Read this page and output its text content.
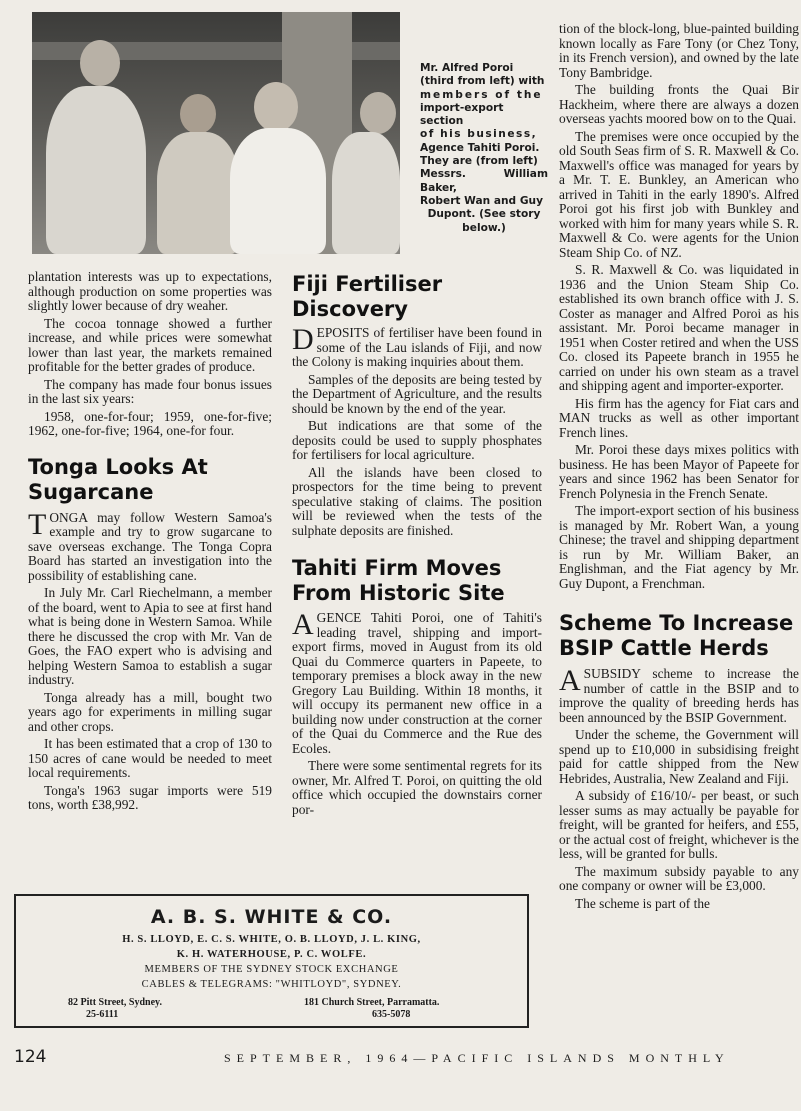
Mr. Alfred Poroi
(third from left) with
members of the
import-export section
of his business,
Agence Tahiti Poroi.
They are (from left)
Messrs. William Baker,
Robert Wan and Guy
Dupont. (See story
below.)

plantation interests was up to expectations, although production on some properties was slightly lower because of dry weaher.

The cocoa tonnage showed a further increase, and while prices were somewhat lower than last year, the markets remained profitable for the better grades of produce.

The company has made four bonus issues in the last six years:

1958, one-for-four; 1959, one-for-five; 1962, one-for-five; 1964, one-for four.

Tonga Looks At Sugarcane

TONGA may follow Western Samoa's example and try to grow sugarcane to save overseas exchange. The Tonga Copra Board has started an investigation into the possibility of establishing cane.

In July Mr. Carl Riechelmann, a member of the board, went to Apia to see at first hand what is being done in Western Samoa. While there he discussed the crop with Mr. Van de Goes, the FAO expert who is advising and helping Western Samoa to establish a sugar industry.

Tonga already has a mill, bought two years ago for experiments in milling sugar and other crops.

It has been estimated that a crop of 130 to 150 acres of cane would be needed to meet local requirements.

Tonga's 1963 sugar imports were 519 tons, worth £38,992.

Fiji Fertiliser Discovery

DEPOSITS of fertiliser have been found in some of the Lau islands of Fiji, and now the Colony is making inquiries about them.

Samples of the deposits are being tested by the Department of Agriculture, and the results should be known by the end of the year.

But indications are that some of the deposits could be used to supply phosphates for fertilisers for local agriculture.

All the islands have been closed to prospectors for the time being to prevent speculative staking of claims. The position will be reviewed when the tests of the sulphate deposits are finished.

Tahiti Firm Moves From Historic Site

AGENCE Tahiti Poroi, one of Tahiti's leading travel, shipping and import-export firms, moved in August from its old Quai du Commerce quarters in Papeete, to temporary premises a block away in the new Gregory Lau Building. Within 18 months, it will occupy its permanent new office in a building now under construction at the corner of the Quai du Commerce and the Rue des Ecoles.

There were some sentimental regrets for its owner, Mr. Alfred T. Poroi, on quitting the old office which occupied the downstairs corner por-

tion of the block-long, blue-painted building known locally as Fare Tony (or Chez Tony, in its French version), and owned by the late Tony Bambridge.

The building fronts the Quai Bir Hackheim, where there are always a dozen overseas yachts moored bow on to the Quai.

The premises were once occupied by the old South Seas firm of S. R. Maxwell & Co. Maxwell's office was managed for years by a Mr. T. E. Bunkley, an American who arrived in Tahiti in the early 1890's. Alfred Poroi got his first job with Bunkley and worked with him for many years while S. R. Maxwell & Co. were agents for the Union Steam Ship Co. of NZ.

S. R. Maxwell & Co. was liquidated in 1936 and the Union Steam Ship Co. established its own branch office with J. S. Coster as manager and Alfred Poroi as his assistant. Mr. Poroi became manager in 1951 when Coster retired and when the USS Co. closed its Papeete branch in 1955 he carried on under his own steam as a travel and shipping agent and importer-exporter.

His firm has the agency for Fiat cars and MAN trucks as well as other important French lines.

Mr. Poroi these days mixes politics with business. He has been Mayor of Papeete for years and since 1962 has been Senator for French Polynesia in the French Senate.

The import-export section of his business is managed by Mr. Robert Wan, a young Chinese; the travel and shipping department is run by Mr. William Baker, an Englishman, and the Fiat agency by Mr. Guy Dupont, a Frenchman.

Scheme To Increase BSIP Cattle Herds

ASUBSIDY scheme to increase the number of cattle in the BSIP and to improve the quality of breeding herds has been announced by the BSIP Government.

Under the scheme, the Government will spend up to £10,000 in subsidising freight paid for cattle shipped from the New Hebrides, Australia, New Zealand and Fiji.

A subsidy of £16/10/- per beast, or such lesser sums as may actually be payable for freight, will be granted for heifers, and £55, or the actual cost of freight, whichever is the less, will be granted for bulls.

The maximum subsidy payable to any one company or owner will be £3,000.

The scheme is part of the

A. B. S. WHITE & CO.
H. S. LLOYD, E. C. S. WHITE, O. B. LLOYD, J. L. KING,
K. H. WATERHOUSE, P. C. WOLFE.
MEMBERS OF THE SYDNEY STOCK EXCHANGE
CABLES & TELEGRAMS: "WHITLOYD", SYDNEY.
82 Pitt Street, Sydney.
25-6111
181 Church Street, Parramatta.
635-5078
124	SEPTEMBER, 1964—PACIFIC ISLANDS MONTHLY
